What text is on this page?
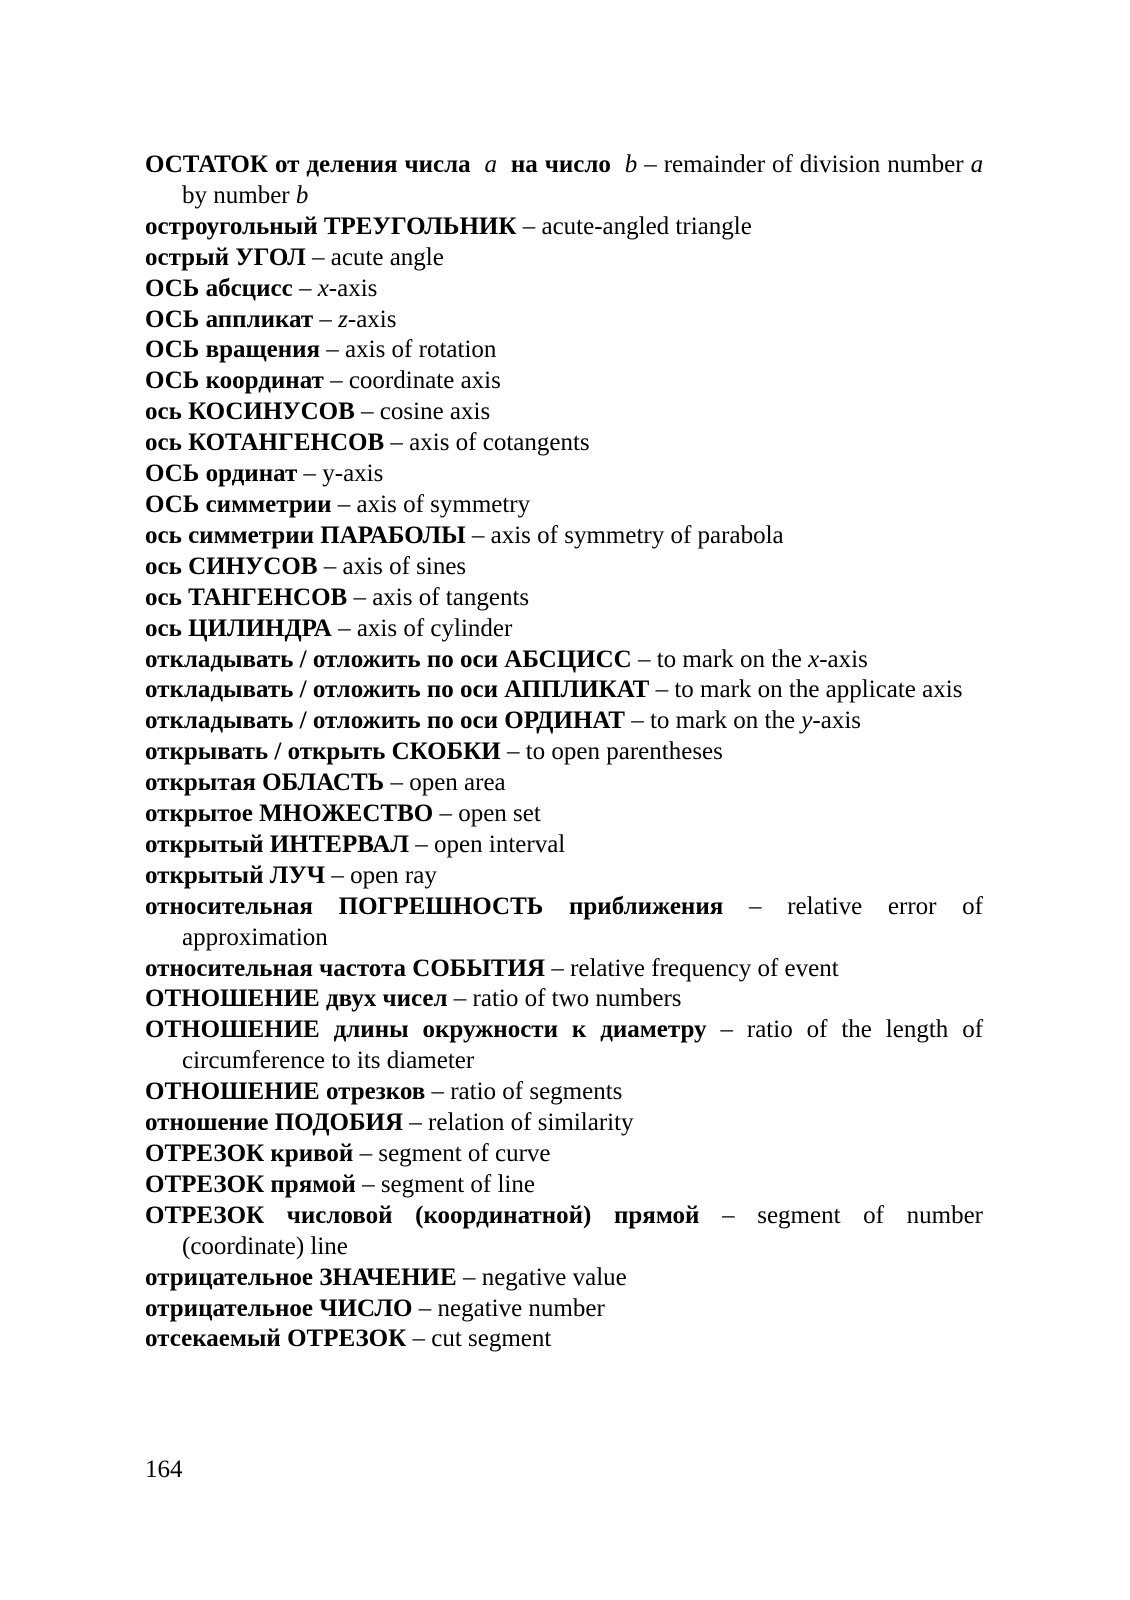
ОСТАТОК от деления числа a на число b – remainder of division number a by number b
остроугольный ТРЕУГОЛЬНИК – acute-angled triangle
острый УГОЛ – acute angle
ОСЬ абсцисс – x-axis
ОСЬ аппликат – z-axis
ОСЬ вращения – axis of rotation
ОСЬ координат – coordinate axis
ось КОСИНУСОВ – cosine axis
ось КОТАНГЕНСОВ – axis of cotangents
ОСЬ ординат – y-axis
ОСЬ симметрии – axis of symmetry
ось симметрии ПАРАБОЛЫ – axis of symmetry of parabola
ось СИНУСОВ – axis of sines
ось ТАНГЕНСОВ – axis of tangents
ось ЦИЛИНДРА – axis of cylinder
откладывать / отложить по оси АБСЦИСС – to mark on the x-axis
откладывать / отложить по оси АППЛИКАТ – to mark on the applicate axis
откладывать / отложить по оси ОРДИНАТ – to mark on the y-axis
открывать / открыть СКОБКИ – to open parentheses
открытая ОБЛАСТЬ – open area
открытое МНОЖЕСТВО – open set
открытый ИНТЕРВАЛ – open interval
открытый ЛУЧ – open ray
относительная ПОГРЕШНОСТЬ приближения – relative error of approximation
относительная частота СОБЫТИЯ – relative frequency of event
ОТНОШЕНИЕ двух чисел – ratio of two numbers
ОТНОШЕНИЕ длины окружности к диаметру – ratio of the length of circumference to its diameter
ОТНОШЕНИЕ отрезков – ratio of segments
отношение ПОДОБИЯ – relation of similarity
ОТРЕЗОК кривой – segment of curve
ОТРЕЗОК прямой – segment of line
ОТРЕЗОК числовой (координатной) прямой – segment of number (coordinate) line
отрицательное ЗНАЧЕНИЕ – negative value
отрицательное ЧИСЛО – negative number
отсекаемый ОТРЕЗОК – cut segment
164
